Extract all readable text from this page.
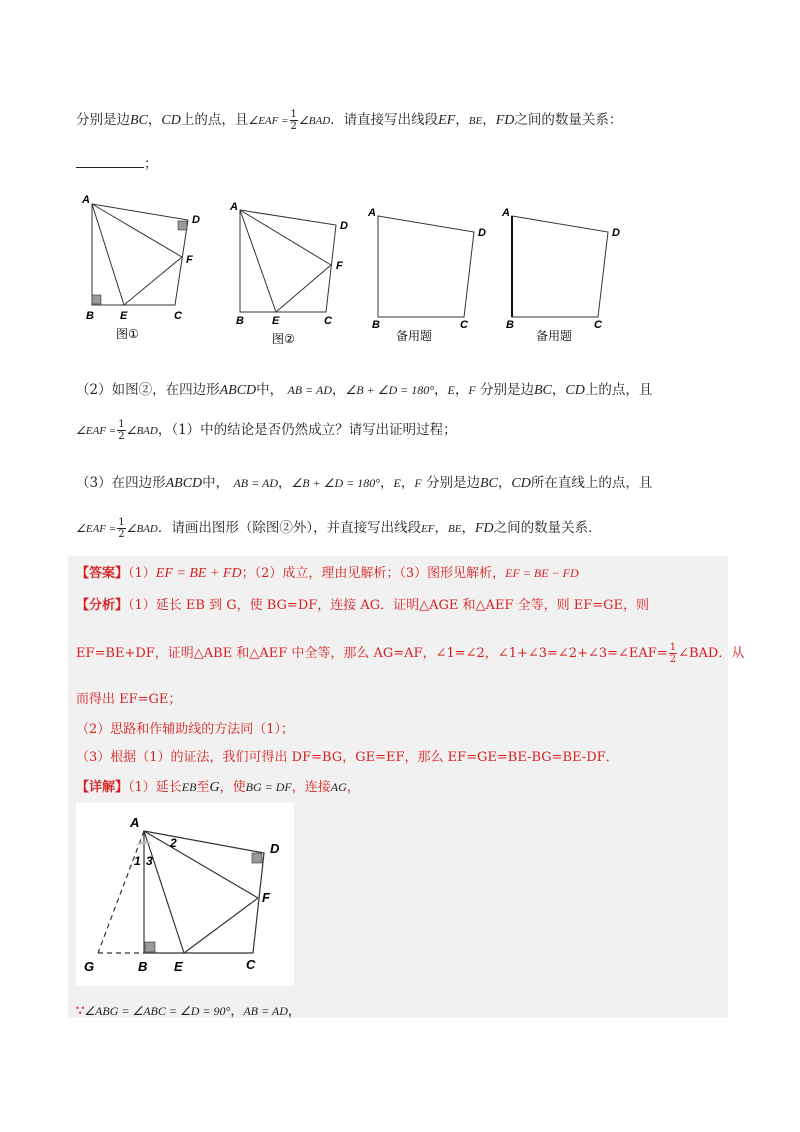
分别是边BC，CD上的点，且∠EAF = $\frac{1}{2}$ ∠BAD．请直接写出线段EF，BE，FD之间的数量关系：
；
A
D
F
B E	C
图①
A
D
F
B	E	C
图②
A
D
B	C
备用题
A
D
B	C
备用题
（2）如图②，在四边形ABCD中， AB = AD，∠B + ∠D = 180°，E，F 分别是边BC，CD上的点，且
∠EAF = $\frac{1}{2}$ ∠BAD，（1）中的结论是否仍然成立？请写出证明过程；
（3）在四边形ABCD中， AB = AD，∠B + ∠D = 180°，E，F 分别是边BC，CD所在直线上的点，且
∠EAF = $\frac{1}{2}$ ∠BAD．请画出图形（除图②外），并直接写出线段EF，BE，FD之间的数量关系．
【答案】（1）EF = BE + FD；（2）成立，理由见解析；（3）图形见解析，EF = BE − FD
【分析】（1）延长 EB 到 G，使 BG=DF，连接 AG．证明△AGE 和△AEF 全等，则 EF=GE，则
EF=BE+DF，证明△ABE 和△AEF 中全等，那么 AG=AF，∠1=∠2，∠1+∠3=∠2+∠3=∠EAF= $\frac{1}{2}$ ∠BAD．从
而得出 EF=GE；
（2）思路和作辅助线的方法同（1）；
（3）根据（1）的证法，我们可得出 DF=BG，GE=EF，那么 EF=GE=BE-BG=BE-DF．
【详解】（1）延长EB至G，使BG = DF，连接AG，
A
D
F
G	B E	C
1
2
3
∵∠ABG = ∠ABC = ∠D = 90°，AB = AD，
